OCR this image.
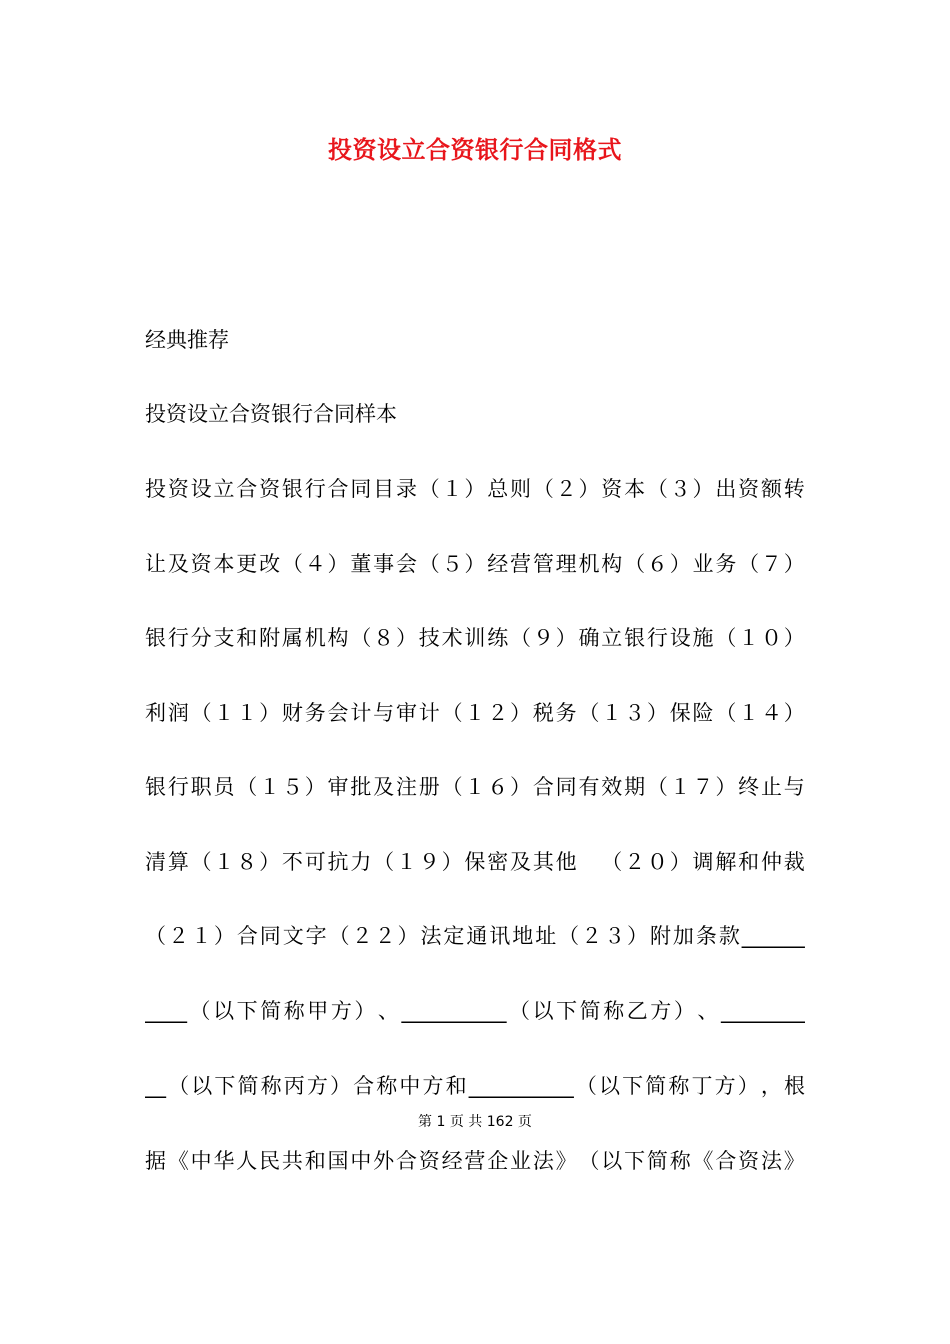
投资设立合资银行合同格式
经典推荐
投资设立合资银行合同样本
投 资 设 立 合 资 银 行 合 同 目 录 （ １ ） 总 则 （ ２ ） 资 本 （ ３ ） 出 资 额 转
让 及 资 本 更 改 （ ４ ） 董 事 会 （ ５ ） 经 营 管 理 机 构 （ ６ ） 业 务 （ ７ ）
银 行 分 支 和 附 属 机 构 （ ８ ） 技 术 训 练 （ ９ ） 确 立 银 行 设 施 （ １ ０ ）
利 润 （ １ １ ） 财 务 会 计 与 审 计 （ １ ２ ） 税 务 （ １ ３ ） 保 险 （ １ ４ ）
银 行 职 员 （ １ ５ ） 审 批 及 注 册 （ １ ６ ） 合 同 有 效 期 （ １ ７ ） 终 止 与
清 算 （ １ ８ ） 不 可 抗 力 （ １ ９ ） 保 密 及 其 他
　 （ ２ ０ ） 调 解 和 仲 裁
（ ２ １ ） 合 同 文 字 （ ２ ２ ） 法 定 通 讯 地 址 （ ２ ３ ） 附 加 条 款 ______
____ （ 以 下 简 称 甲 方 ） 、 __________ （ 以 下 简 称 乙 方 ） 、 ________
__ （ 以 下 简 称 丙 方 ） 合 称 中 方 和 __________ （ 以 下 简 称 丁 方 ） ， 根
据 《 中 华 人 民 共 和 国 中 外 合 资 经 营 企 业 法 》 （ 以 下 简 称 《 合 资 法 》
第 1 页 共 162 页
